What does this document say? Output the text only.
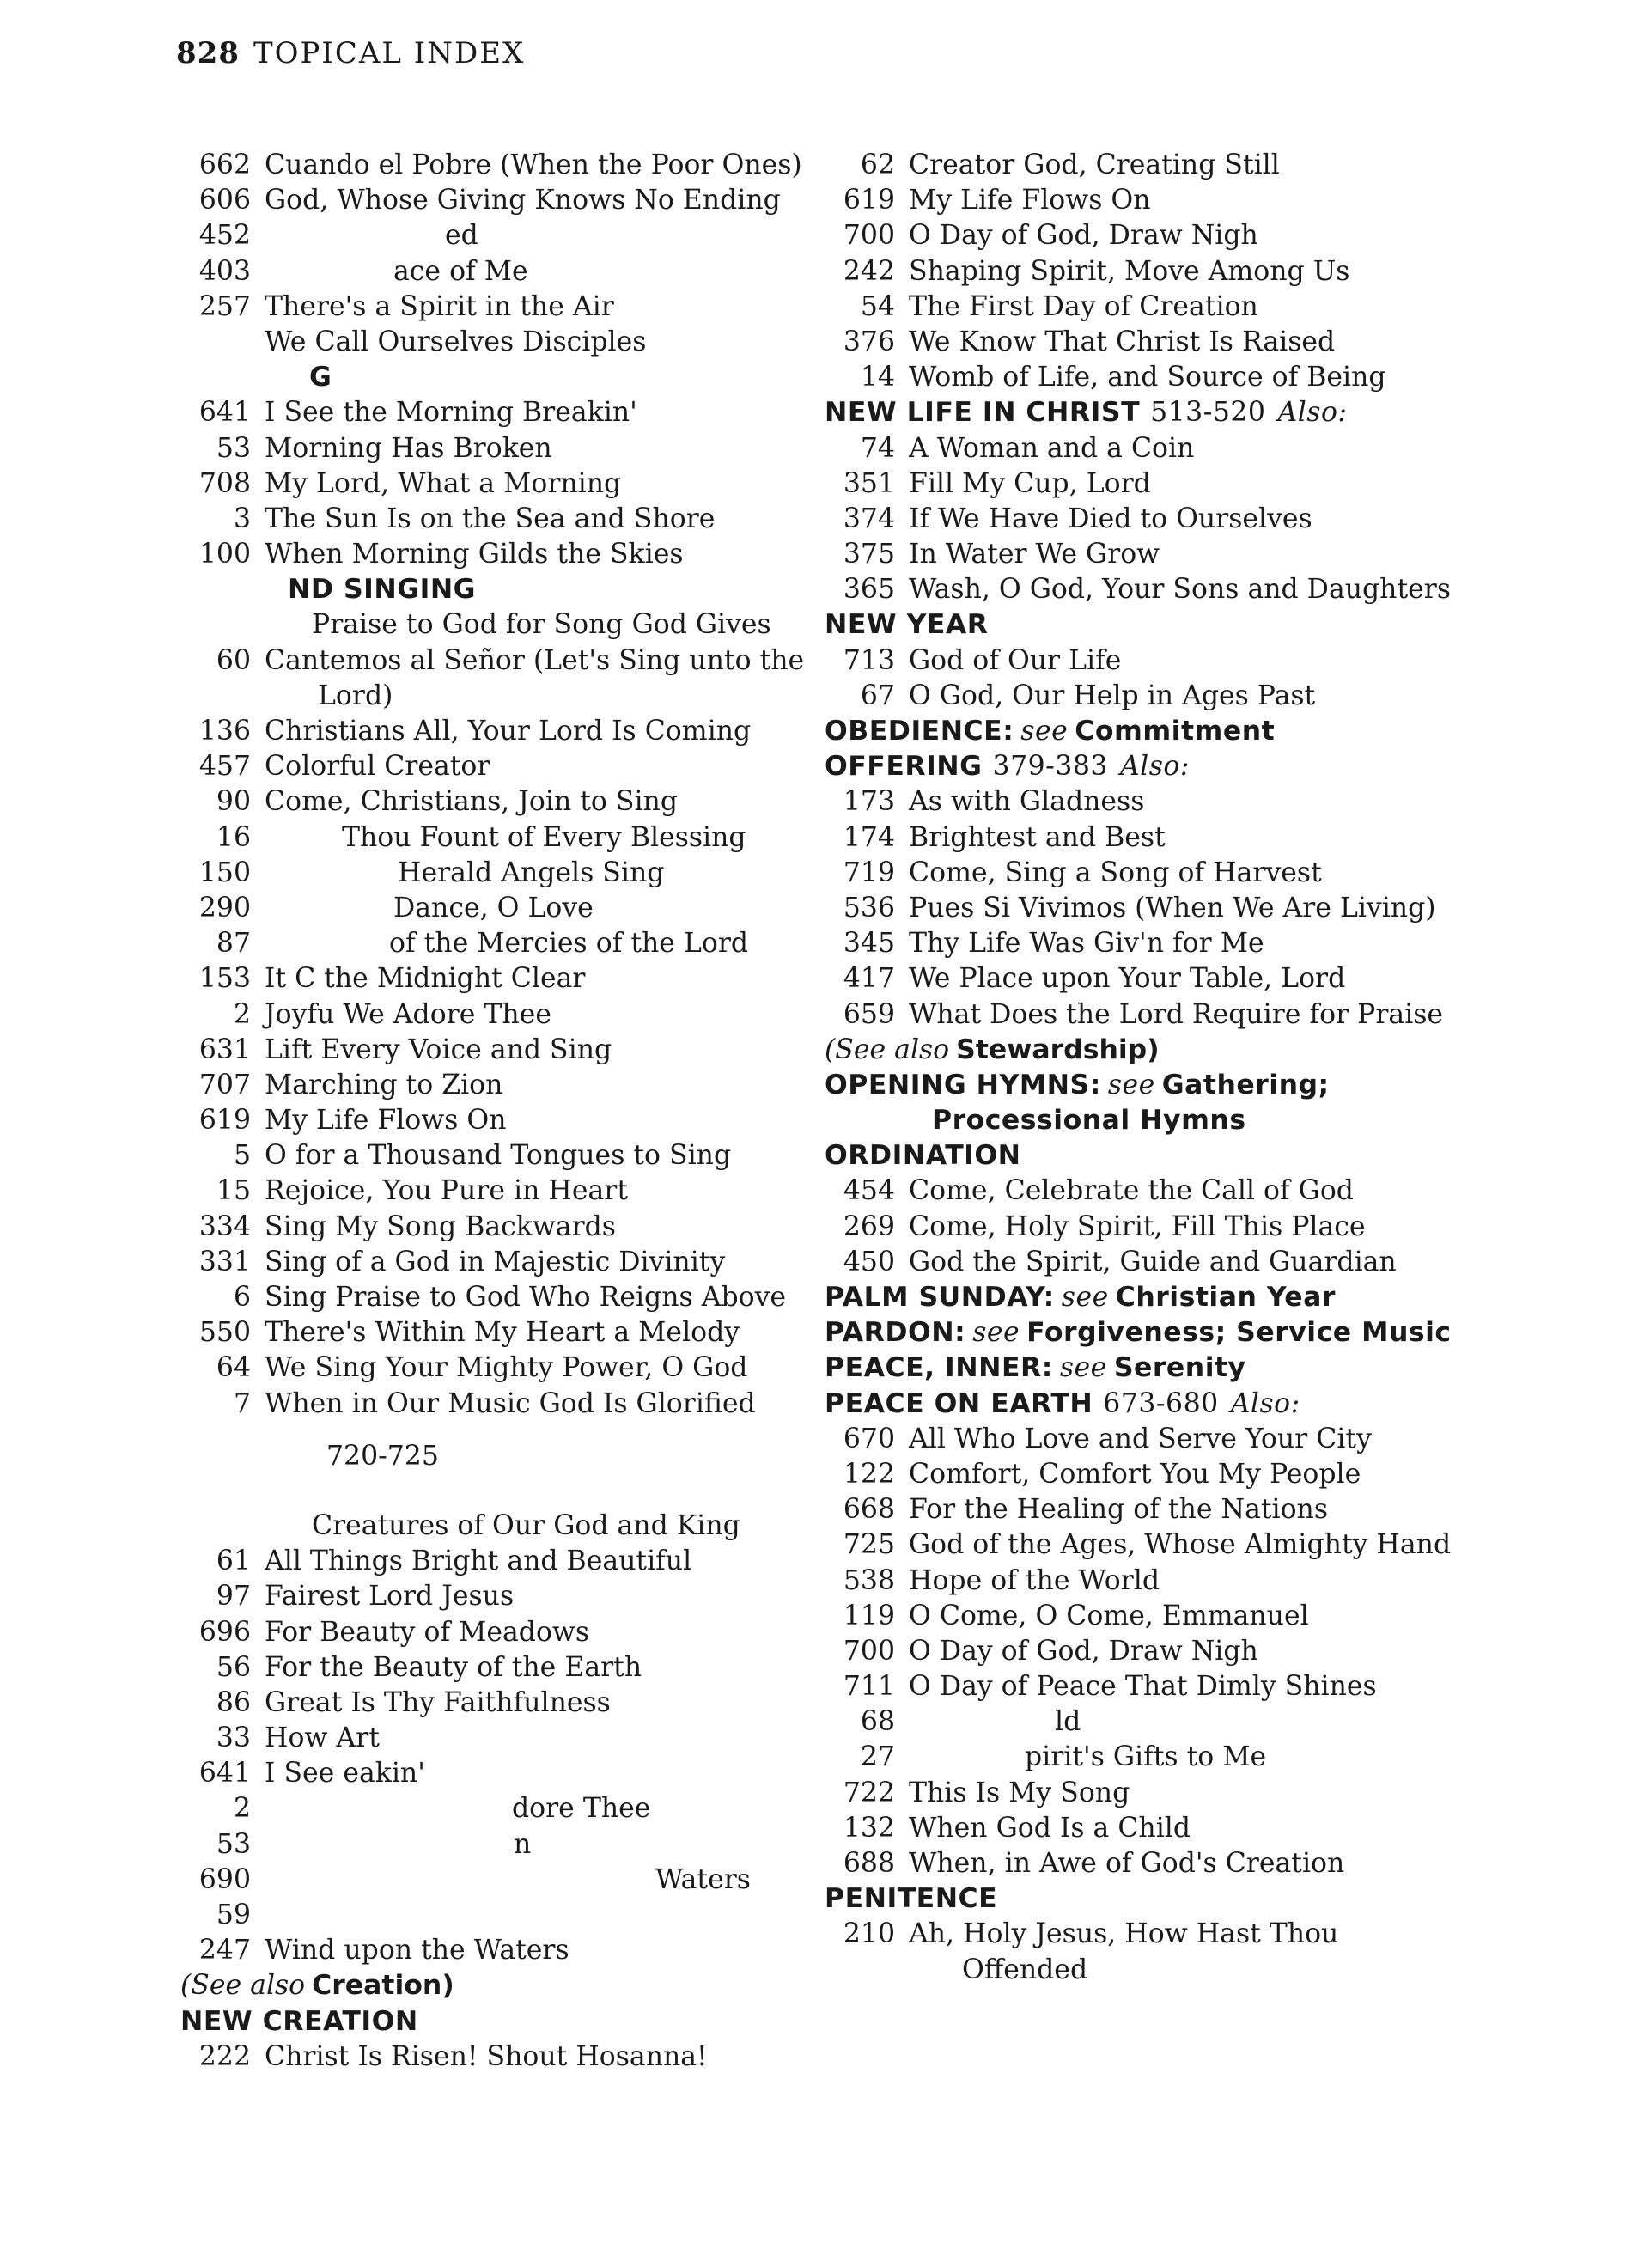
828 TOPICAL INDEX
662 Cuando el Pobre (When the Poor Ones)
606 God, Whose Giving Knows No Ending
452	ed
403	ace of Me
257 There's a Spirit in the Air
We Call Ourselves Disciples
G
641 I See the Morning Breakin'
53 Morning Has Broken
708 My Lord, What a Morning
3 The Sun Is on the Sea and Shore
100 When Morning Gilds the Skies
ND SINGING
Praise to God for Song God Gives
60 Cantemos al Señor (Let's Sing unto the
Lord)
136 Christians All, Your Lord Is Coming
457 Colorful Creator
90 Come, Christians, Join to Sing
16	Thou Fount of Every Blessing
150	Herald Angels Sing
290	Dance, O Love
87	of the Mercies of the Lord
153 It C the Midnight Clear
2 Joyfu We Adore Thee
631 Lift Every Voice and Sing
707 Marching to Zion
619 My Life Flows On
5 O for a Thousand Tongues to Sing
15 Rejoice, You Pure in Heart
334 Sing My Song Backwards
331 Sing of a God in Majestic Divinity
6 Sing Praise to God Who Reigns Above
550 There's Within My Heart a Melody
64 We Sing Your Mighty Power, O God
7 When in Our Music God Is Glorified
720-725
Creatures of Our God and King
61 All Things Bright and Beautiful
97 Fairest Lord Jesus
696 For Beauty of Meadows
56 For the Beauty of the Earth
86 Great Is Thy Faithfulness
33 How Art
641 I See eakin'
2	dore Thee
53	n
690	Waters
59
247 Wind upon the Waters
(See also Creation)
NEW CREATION
222 Christ Is Risen! Shout Hosanna!
62 Creator God, Creating Still
619 My Life Flows On
700 O Day of God, Draw Nigh
242 Shaping Spirit, Move Among Us
54 The First Day of Creation
376 We Know That Christ Is Raised
14 Womb of Life, and Source of Being
NEW LIFE IN CHRIST 513-520 Also:
74 A Woman and a Coin
351 Fill My Cup, Lord
374 If We Have Died to Ourselves
375 In Water We Grow
365 Wash, O God, Your Sons and Daughters
NEW YEAR
713 God of Our Life
67 O God, Our Help in Ages Past
OBEDIENCE: see Commitment
OFFERING 379-383 Also:
173 As with Gladness
174 Brightest and Best
719 Come, Sing a Song of Harvest
536 Pues Si Vivimos (When We Are Living)
345 Thy Life Was Giv'n for Me
417 We Place upon Your Table, Lord
659 What Does the Lord Require for Praise
(See also Stewardship)
OPENING HYMNS: see Gathering;
Processional Hymns
ORDINATION
454 Come, Celebrate the Call of God
269 Come, Holy Spirit, Fill This Place
450 God the Spirit, Guide and Guardian
PALM SUNDAY: see Christian Year
PARDON: see Forgiveness; Service Music
PEACE, INNER: see Serenity
PEACE ON EARTH 673-680 Also:
670 All Who Love and Serve Your City
122 Comfort, Comfort You My People
668 For the Healing of the Nations
725 God of the Ages, Whose Almighty Hand
538 Hope of the World
119 O Come, O Come, Emmanuel
700 O Day of God, Draw Nigh
711 O Day of Peace That Dimly Shines
68	ld
27	pirit's Gifts to Me
722 This Is My Song
132 When God Is a Child
688 When, in Awe of God's Creation
PENITENCE
210 Ah, Holy Jesus, How Hast Thou
Offended
